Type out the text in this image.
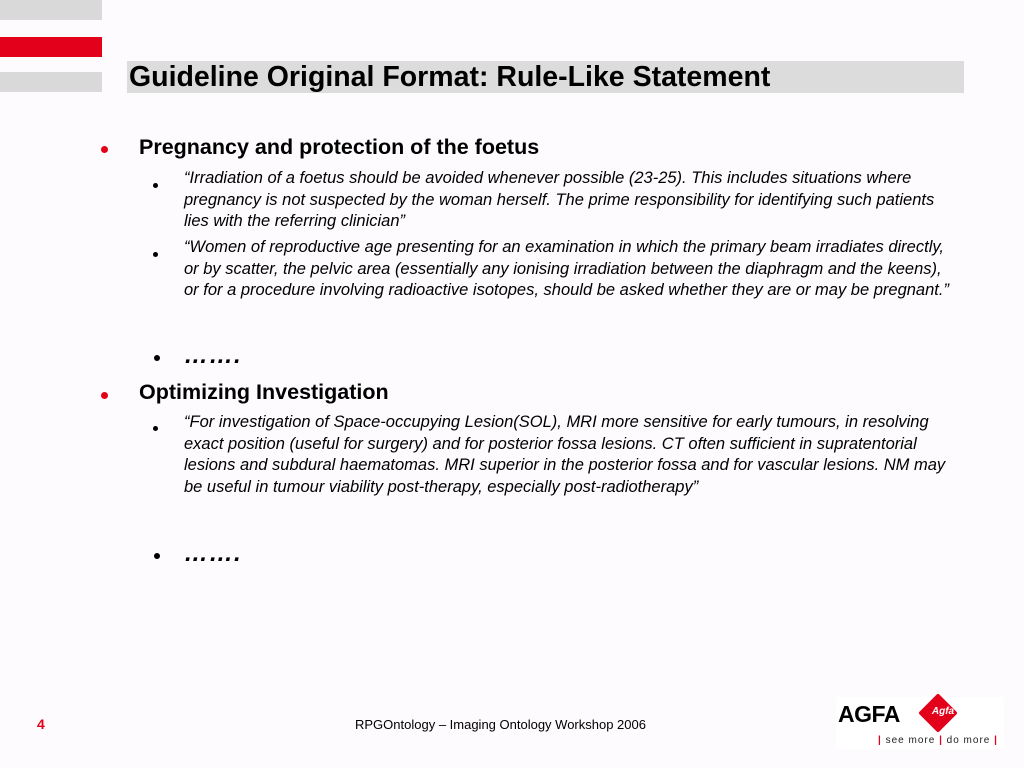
Guideline Original Format: Rule-Like Statement
Pregnancy and protection of the foetus
“Irradiation of a foetus should be avoided whenever possible (23-25). This includes situations where pregnancy is not suspected by the woman herself. The prime responsibility for identifying such patients lies with the referring clinician”
“Women of reproductive age presenting for an examination in which the primary beam irradiates directly, or by scatter, the pelvic area (essentially any ionising irradiation between the diaphragm and the keens), or for a procedure involving radioactive isotopes, should be asked whether they are or may be pregnant.”
…….
Optimizing Investigation
“For investigation of Space-occupying Lesion(SOL), MRI more sensitive for early tumours, in resolving exact position (useful for surgery) and for posterior fossa lesions. CT often sufficient in supratentorial lesions and subdural haematomas. MRI superior in the posterior fossa and for vascular lesions. NM may be useful in tumour viability post-therapy, especially post-radiotherapy”
…….
4	RPGOntology – Imaging Ontology Workshop 2006	AGFA	Agfa
| see more | do more |
